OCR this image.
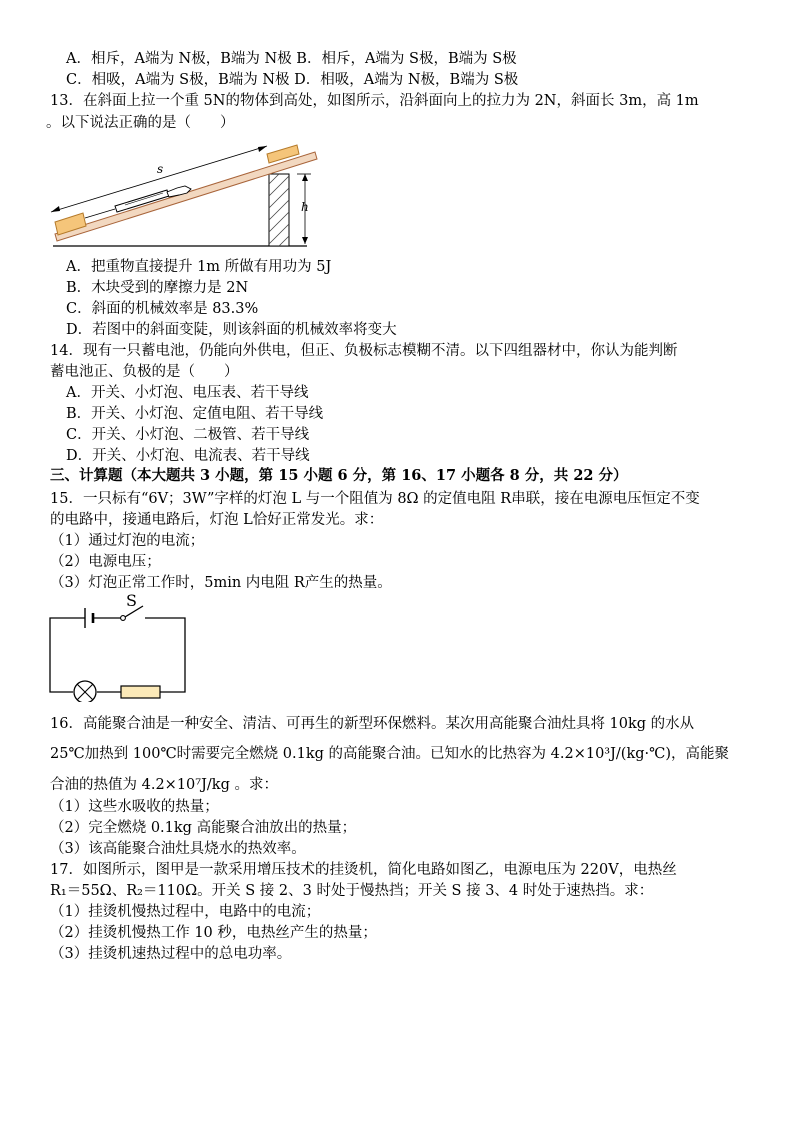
A．相斥，A端为 N极，B端为 N极 B．相斥，A端为 S极，B端为 S极
C．相吸，A端为 S极，B端为 N极 D．相吸，A端为 N极，B端为 S极
13．在斜面上拉一个重 5N的物体到高处，如图所示，沿斜面向上的拉力为 2N，斜面长 3m，高 1m
。以下说法正确的是（　　）
s
h
A．把重物直接提升 1m 所做有用功为 5J
B．木块受到的摩擦力是 2N
C．斜面的机械效率是 83.3%
D．若图中的斜面变陡，则该斜面的机械效率将变大
14．现有一只蓄电池，仍能向外供电，但正、负极标志模糊不清。以下四组器材中，你认为能判断
蓄电池正、负极的是（　　）
A．开关、小灯泡、电压表、若干导线
B．开关、小灯泡、定值电阻、若干导线
C．开关、小灯泡、二极管、若干导线
D．开关、小灯泡、电流表、若干导线
三、计算题（本大题共 3 小题，第 15 小题 6 分，第 16、17 小题各 8 分，共 22 分）
15．一只标有“6V；3W”字样的灯泡 L 与一个阻值为 8Ω 的定值电阻 R串联，接在电源电压恒定不变
的电路中，接通电路后，灯泡 L恰好正常发光。求：
（1）通过灯泡的电流；
（2）电源电压；
（3）灯泡正常工作时，5min 内电阻 R产生的热量。
S
16．高能聚合油是一种安全、清洁、可再生的新型环保燃料。某次用高能聚合油灶具将 10kg 的水从
25℃加热到 100℃时需要完全燃烧 0.1kg 的高能聚合油。已知水的比热容为 4.2×10³J/(kg·℃)，高能聚
合油的热值为 4.2×10⁷J/kg 。求：
（1）这些水吸收的热量；
（2）完全燃烧 0.1kg 高能聚合油放出的热量；
（3）该高能聚合油灶具烧水的热效率。
17．如图所示，图甲是一款采用增压技术的挂烫机，简化电路如图乙，电源电压为 220V，电热丝
R₁＝55Ω、R₂＝110Ω。开关 S 接 2、3 时处于慢热挡；开关 S 接 3、4 时处于速热挡。求：
（1）挂烫机慢热过程中，电路中的电流；
（2）挂烫机慢热工作 10 秒，电热丝产生的热量；
（3）挂烫机速热过程中的总电功率。
